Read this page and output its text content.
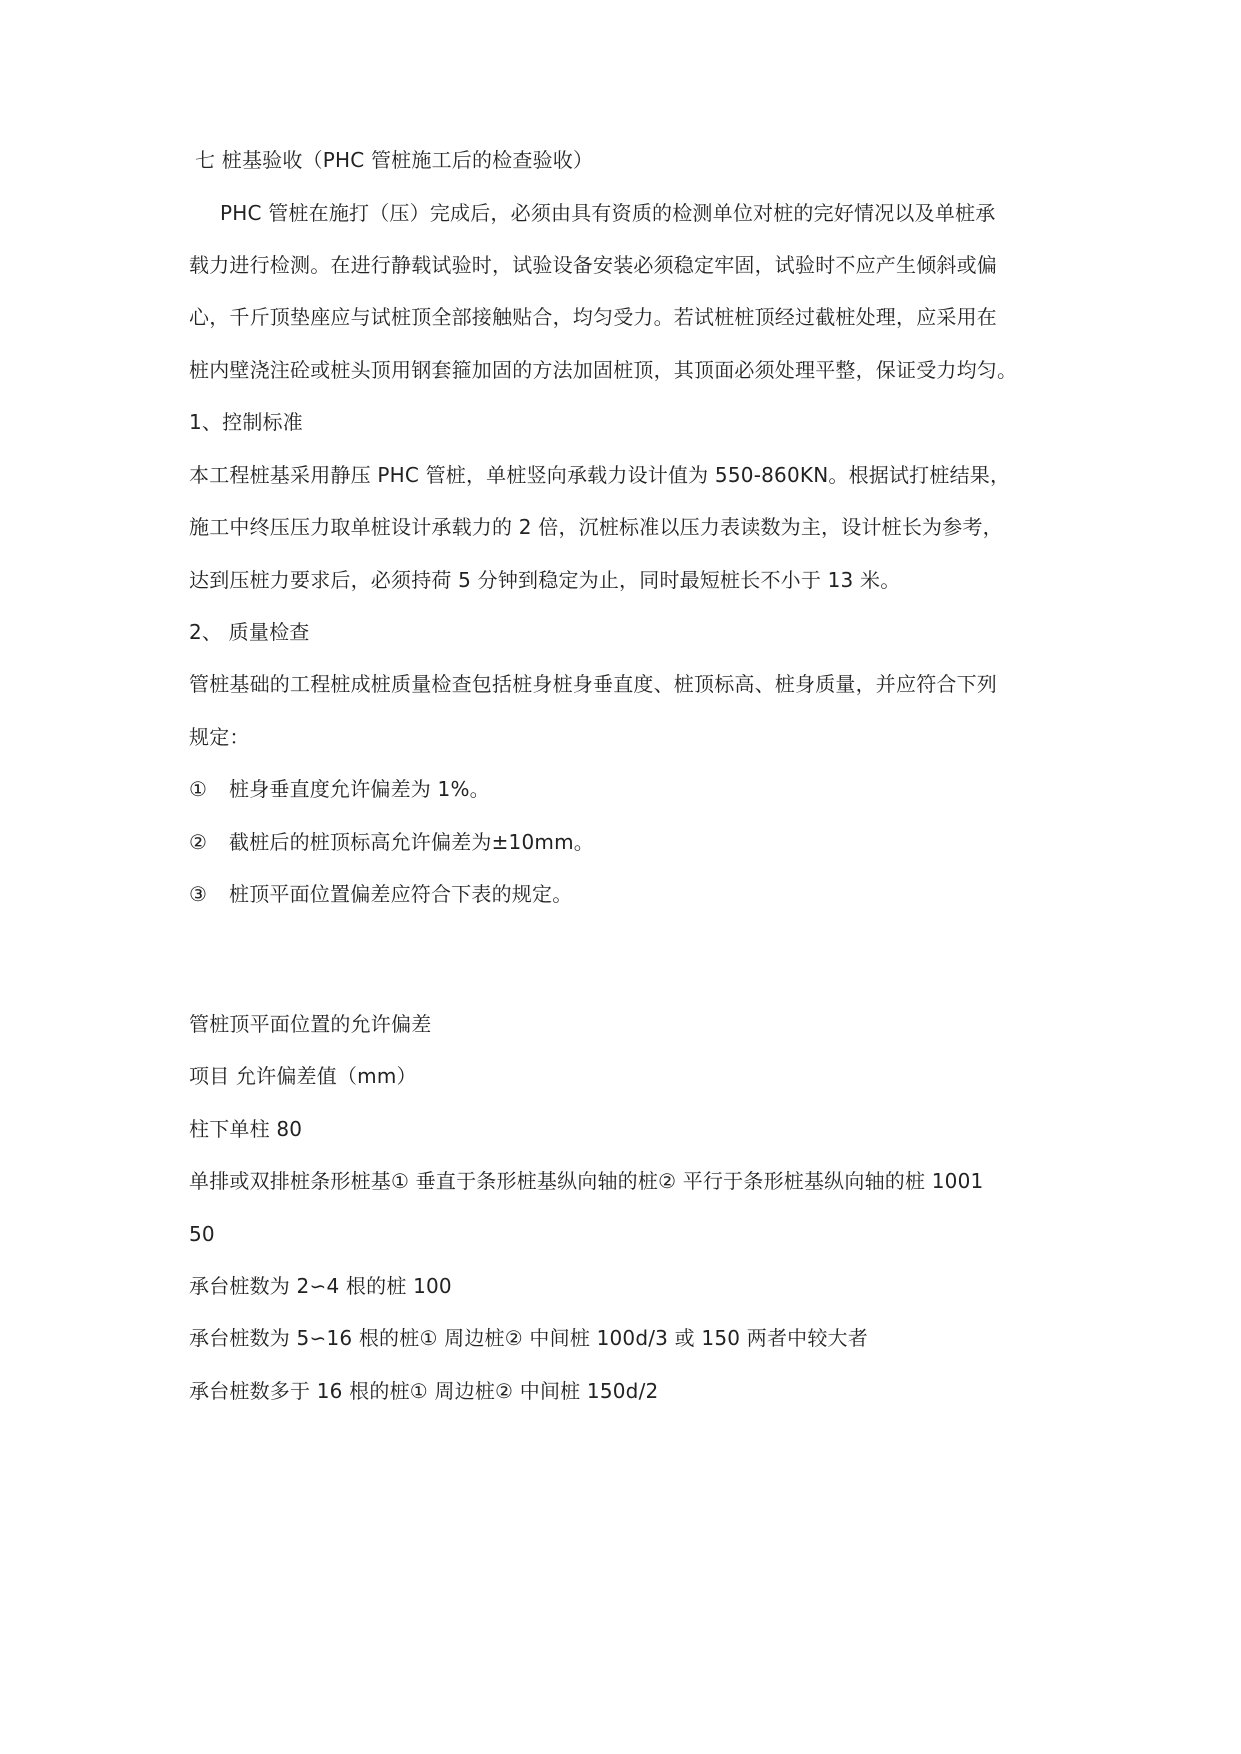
七 桩基验收（PHC 管桩施工后的检查验收）
PHC 管桩在施打（压）完成后，必须由具有资质的检测单位对桩的完好情况以及单桩承
载力进行检测。在进行静载试验时，试验设备安装必须稳定牢固，试验时不应产生倾斜或偏
心，千斤顶垫座应与试桩顶全部接触贴合，均匀受力。若试桩桩顶经过截桩处理，应采用在
桩内壁浇注砼或桩头顶用钢套箍加固的方法加固桩顶，其顶面必须处理平整，保证受力均匀。
1、控制标准
本工程桩基采用静压 PHC 管桩，单桩竖向承载力设计值为 550-860KN。根据试打桩结果，
施工中终压压力取单桩设计承载力的 2 倍，沉桩标准以压力表读数为主，设计桩长为参考，
达到压桩力要求后，必须持荷 5 分钟到稳定为止，同时最短桩长不小于 13 米。
2、 质量检查
管桩基础的工程桩成桩质量检查包括桩身桩身垂直度、桩顶标高、桩身质量，并应符合下列
规定：
① 桩身垂直度允许偏差为 1%。
② 截桩后的桩顶标高允许偏差为±10mm。
③ 桩顶平面位置偏差应符合下表的规定。
管桩顶平面位置的允许偏差
项目 允许偏差值（mm）
柱下单柱 80
单排或双排桩条形桩基① 垂直于条形桩基纵向轴的桩② 平行于条形桩基纵向轴的桩 1001
50
承台桩数为 2∽4 根的桩 100
承台桩数为 5∽16 根的桩① 周边桩② 中间桩 100d/3 或 150 两者中较大者
承台桩数多于 16 根的桩① 周边桩② 中间桩 150d/2
